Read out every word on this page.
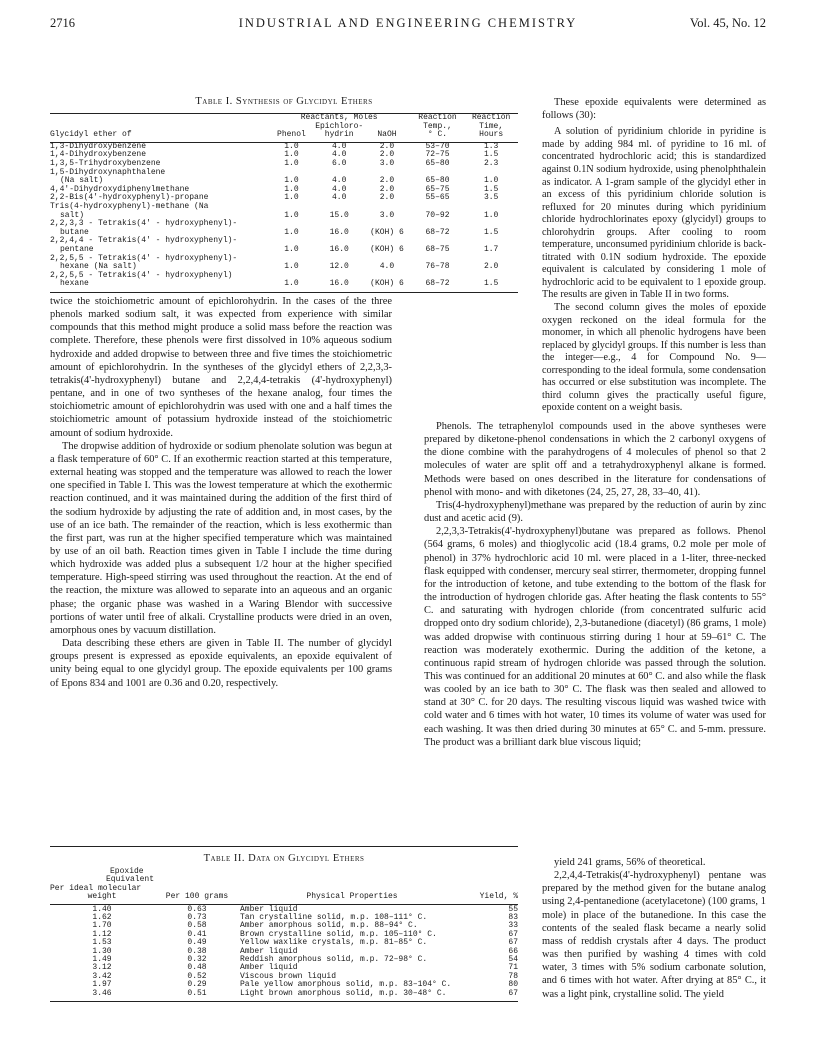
2716	INDUSTRIAL AND ENGINEERING CHEMISTRY	Vol. 45, No. 12
Table I. Synthesis of Glycidyl Ethers
	Reactants, Moles			Reaction	Reaction
		Epichloro-		Temp.,	Time,
Glycidyl ether of	Phenol	hydrin	NaOH	° C.	Hours

1,3-Dihydroxybenzene	1.0	4.0	2.0	53–70	1.3
1,4-Dihydroxybenzene	1.0	4.0	2.0	72–75	1.5
1,3,5-Trihydroxybenzene	1.0	6.0	3.0	65–80	2.3
1,5-Dihydroxynaphthalene					
(Na salt)	1.0	4.0	2.0	65–80	1.0
4,4'-Dihydroxydiphenylmethane	1.0	4.0	2.0	65–75	1.5
2,2-Bis(4'-hydroxyphenyl)-propane	1.0	4.0	2.0	55–65	3.5
Tris(4-hydroxyphenyl)-methane (Na					
salt)	1.0	15.0	3.0	70–92	1.0
2,2,3,3 - Tetrakis(4' - hydroxyphenyl)-					
butane	1.0	16.0	(KOH) 6	68–72	1.5
2,2,4,4 - Tetrakis(4' - hydroxyphenyl)-					
pentane	1.0	16.0	(KOH) 6	68–75	1.7
2,2,5,5 - Tetrakis(4' - hydroxyphenyl)-					
hexane (Na salt)	1.0	12.0	4.0	76–78	2.0
2,2,5,5 - Tetrakis(4' - hydroxyphenyl)					
hexane	1.0	16.0	(KOH) 6	68–72	1.5

These epoxide equivalents were determined as follows (30):

A solution of pyridinium chloride in pyridine is made by adding 984 ml. of pyridine to 16 ml. of concentrated hydrochloric acid; this is standardized against 0.1N sodium hydroxide, using phenolphthalein as indicator. A 1-gram sample of the glycidyl ether in an excess of this pyridinium chloride solution is refluxed for 20 minutes during which pyridinium chloride hydrochlorinates epoxy (glycidyl) groups to chlorohydrin groups. After cooling to room temperature, unconsumed pyridinium chloride is back-titrated with 0.1N sodium hydroxide. The epoxide equivalent is calculated by considering 1 mole of hydrochloric acid to be equivalent to 1 epoxide group. The results are given in Table II in two forms.

The second column gives the moles of epoxide oxygen reckoned on the ideal formula for the monomer, in which all phenolic hydrogens have been replaced by glycidyl groups. If this number is less than the integer—e.g., 4 for Compound No. 9—corresponding to the ideal formula, some condensation has occurred or else substitution was incomplete. The third column gives the practically useful figure, epoxide content on a weight basis.

twice the stoichiometric amount of epichlorohydrin. In the cases of the three phenols marked sodium salt, it was expected from experience with similar compounds that this method might produce a solid mass before the reaction was complete. Therefore, these phenols were first dissolved in 10% aqueous sodium hydroxide and added dropwise to between three and five times the stoichiometric amount of epichlorohydrin. In the syntheses of the glycidyl ethers of 2,2,3,3-tetrakis(4'-hydroxyphenyl) butane and 2,2,4,4-tetrakis (4'-hydroxyphenyl) pentane, and in one of two syntheses of the hexane analog, four times the stoichiometric amount of epichlorohydrin was used with one and a half times the stoichiometric amount of potassium hydroxide instead of the stoichiometric amount of sodium hydroxide.

The dropwise addition of hydroxide or sodium phenolate solution was begun at a flask temperature of 60° C. If an exothermic reaction started at this temperature, external heating was stopped and the temperature was allowed to reach the lower one specified in Table I. This was the lowest temperature at which the exothermic reaction continued, and it was maintained during the addition of the first third of the sodium hydroxide by adjusting the rate of addition and, in most cases, by the use of an ice bath. The remainder of the reaction, which is less exothermic than the first part, was run at the higher specified temperature which was maintained by use of an oil bath. Reaction times given in Table I include the time during which hydroxide was added plus a subsequent 1/2 hour at the higher specified temperature. High-speed stirring was used throughout the reaction. At the end of the reaction, the mixture was allowed to separate into an aqueous and an organic phase; the organic phase was washed in a Waring Blendor with successive portions of water until free of alkali. Crystalline products were dried in an oven, amorphous ones by vacuum distillation.

Data describing these ethers are given in Table II. The number of glycidyl groups present is expressed as epoxide equivalents, an epoxide equivalent of unity being equal to one glycidyl group. The epoxide equivalents per 100 grams of Epons 834 and 1001 are 0.36 and 0.20, respectively.

Phenols. The tetraphenylol compounds used in the above syntheses were prepared by diketone-phenol condensations in which the 2 carbonyl oxygens of the dione combine with the parahydrogens of 4 molecules of phenol so that 2 molecules of water are split off and a tetrahydroxyphenyl alkane is formed. Methods were based on ones described in the literature for condensations of phenol with mono- and with diketones (24, 25, 27, 28, 33–40, 41).

Tris(4-hydroxyphenyl)methane was prepared by the reduction of aurin by zinc dust and acetic acid (9).

2,2,3,3-Tetrakis(4'-hydroxyphenyl)butane was prepared as follows. Phenol (564 grams, 6 moles) and thioglycolic acid (18.4 grams, 0.2 mole per mole of phenol) in 37% hydrochloric acid 10 ml. were placed in a 1-liter, three-necked flask equipped with condenser, mercury seal stirrer, thermometer, dropping funnel for the introduction of ketone, and tube extending to the bottom of the flask for the introduction of hydrogen chloride gas. After heating the flask contents to 55° C. and saturating with hydrogen chloride (from concentrated sulfuric acid dropped onto dry sodium chloride), 2,3-butanedione (diacetyl) (86 grams, 1 mole) was added dropwise with continuous stirring during 1 hour at 59–61° C. The reaction was moderately exothermic. During the addition of the ketone, a continuous rapid stream of hydrogen chloride was passed through the solution. This was continued for an additional 20 minutes at 60° C. and also while the flask was cooled by an ice bath to 30° C. The flask was then sealed and allowed to stand at 30° C. for 20 days. The resulting viscous liquid was washed twice with cold water and 6 times with hot water, 10 times its volume of water was used for each washing. It was then dried during 30 minutes at 65° C. and 5-mm. pressure. The product was a brilliant dark blue viscous liquid;

yield 241 grams, 56% of theoretical.

2,2,4,4-Tetrakis(4'-hydroxyphenyl) pentane was prepared by the method given for the butane analog using 2,4-pentanedione (acetylacetone) (100 grams, 1 mole) in place of the butanedione. In this case the contents of the sealed flask became a nearly solid mass of reddish crystals after 4 days. The product was then purified by washing 4 times with cold water, 3 times with 5% sodium carbonate solution, and 6 times with hot water. After drying at 85° C., it was a light pink, crystalline solid. The yield

Table II. Data on Glycidyl Ethers
Epoxide			
Equivalent			
Per ideal molecular			
weight	Per 100 grams	Physical Properties	Yield, %

1.40	0.63	Amber liquid	55
1.62	0.73	Tan crystalline solid, m.p. 108–111° C.	83
1.70	0.58	Amber amorphous solid, m.p. 88–94° C.	33
1.12	0.41	Brown crystalline solid, m.p. 105–110° C.	67
1.53	0.49	Yellow waxlike crystals, m.p. 81–85° C.	67
1.30	0.38	Amber liquid	66
1.49	0.32	Reddish amorphous solid, m.p. 72–98° C.	54
3.12	0.48	Amber liquid	71
3.42	0.52	Viscous brown liquid	78
1.97	0.29	Pale yellow amorphous solid, m.p. 83–104° C.	80
3.46	0.51	Light brown amorphous solid, m.p. 30–48° C.	67
